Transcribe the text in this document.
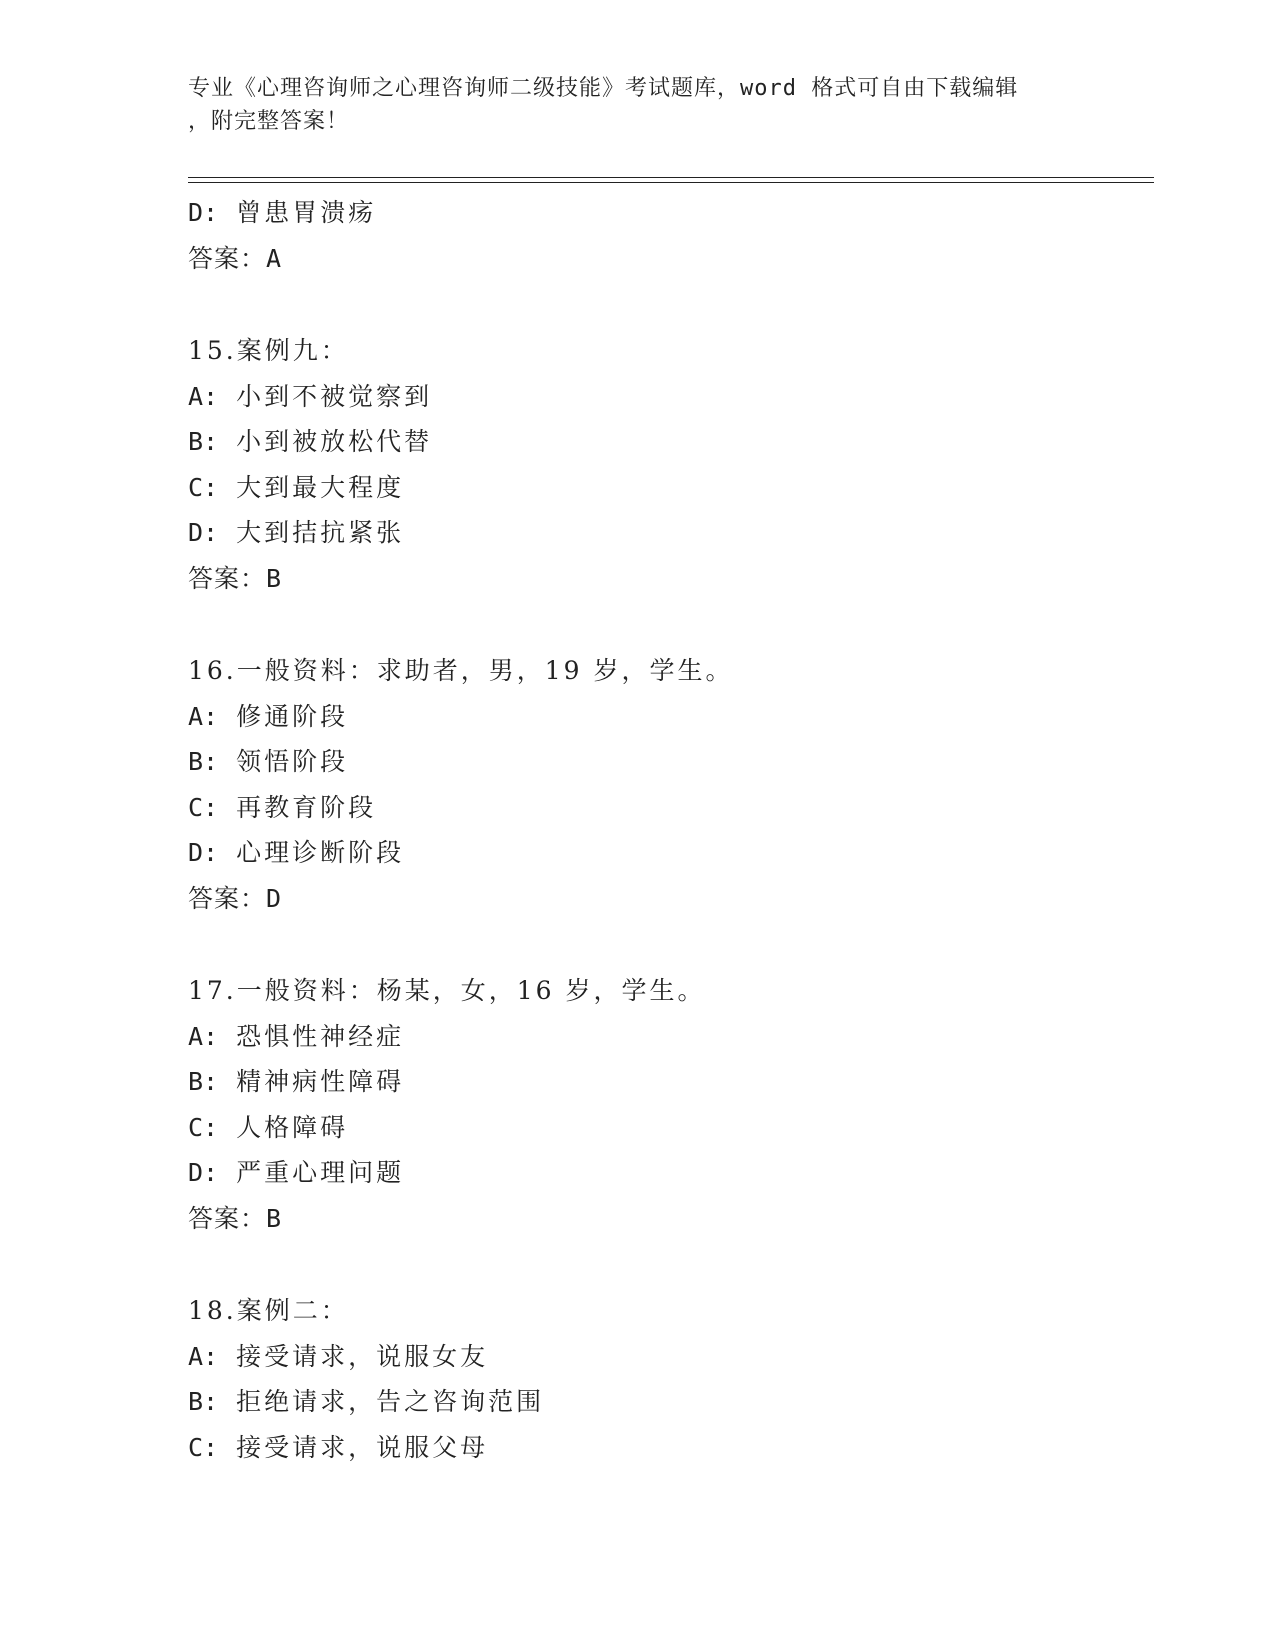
专业《心理咨询师之心理咨询师二级技能》考试题库，word 格式可自由下载编辑
，附完整答案！
D: 曾患胃溃疡
答案：A
15.案例九：
A: 小到不被觉察到
B: 小到被放松代替
C: 大到最大程度
D: 大到拮抗紧张
答案：B
16.一般资料：求助者，男，19 岁，学生。
A: 修通阶段
B: 领悟阶段
C: 再教育阶段
D: 心理诊断阶段
答案：D
17.一般资料：杨某，女，16 岁，学生。
A: 恐惧性神经症
B: 精神病性障碍
C: 人格障碍
D: 严重心理问题
答案：B
18.案例二：
A: 接受请求，说服女友
B: 拒绝请求，告之咨询范围
C: 接受请求，说服父母
